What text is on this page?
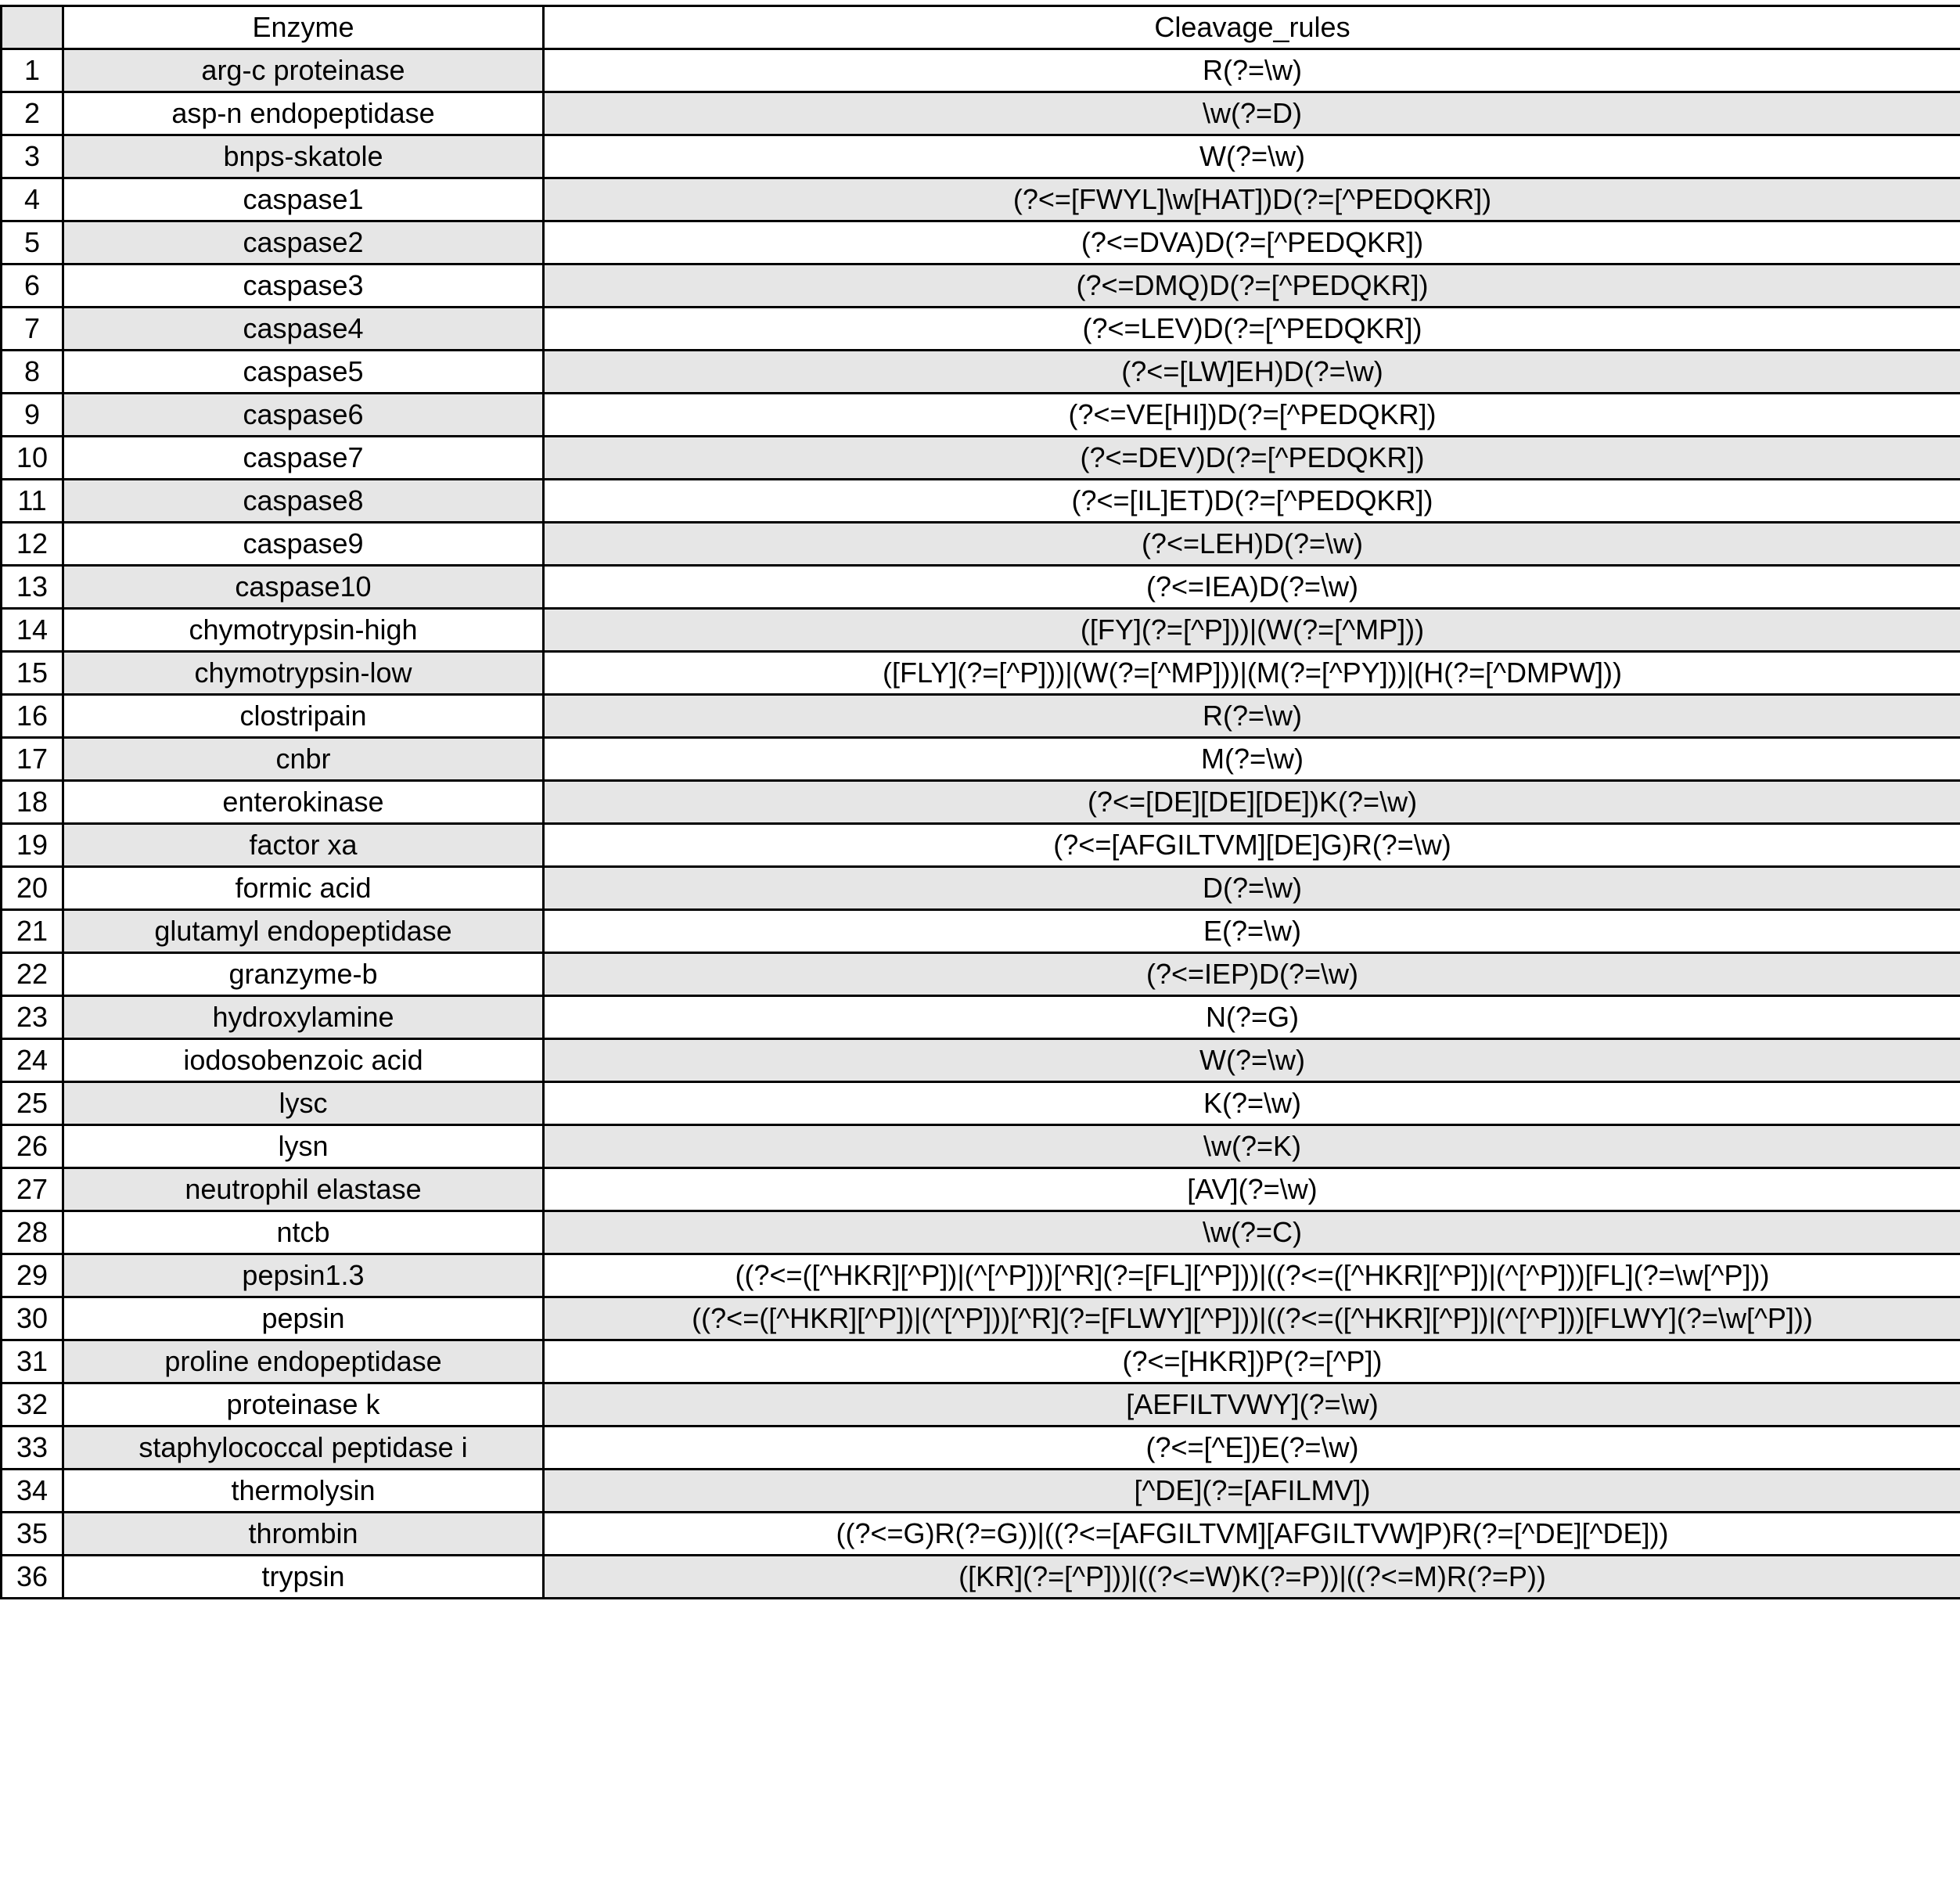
	Enzyme	Cleavage_rules
1	arg-c proteinase	R(?=\w)
2	asp-n endopeptidase	\w(?=D)
3	bnps-skatole	W(?=\w)
4	caspase1	(?<=[FWYL]\w[HAT])D(?=[^PEDQKR])
5	caspase2	(?<=DVA)D(?=[^PEDQKR])
6	caspase3	(?<=DMQ)D(?=[^PEDQKR])
7	caspase4	(?<=LEV)D(?=[^PEDQKR])
8	caspase5	(?<=[LW]EH)D(?=\w)
9	caspase6	(?<=VE[HI])D(?=[^PEDQKR])
10	caspase7	(?<=DEV)D(?=[^PEDQKR])
11	caspase8	(?<=[IL]ET)D(?=[^PEDQKR])
12	caspase9	(?<=LEH)D(?=\w)
13	caspase10	(?<=IEA)D(?=\w)
14	chymotrypsin-high	([FY](?=[^P]))|(W(?=[^MP]))
15	chymotrypsin-low	([FLY](?=[^P]))|(W(?=[^MP]))|(M(?=[^PY]))|(H(?=[^DMPW]))
16	clostripain	R(?=\w)
17	cnbr	M(?=\w)
18	enterokinase	(?<=[DE][DE][DE])K(?=\w)
19	factor xa	(?<=[AFGILTVM][DE]G)R(?=\w)
20	formic acid	D(?=\w)
21	glutamyl endopeptidase	E(?=\w)
22	granzyme-b	(?<=IEP)D(?=\w)
23	hydroxylamine	N(?=G)
24	iodosobenzoic acid	W(?=\w)
25	lysc	K(?=\w)
26	lysn	\w(?=K)
27	neutrophil elastase	[AV](?=\w)
28	ntcb	\w(?=C)
29	pepsin1.3	((?<=([^HKR][^P])|(^[^P]))[^R](?=[FL][^P]))|((?<=([^HKR][^P])|(^[^P]))[FL](?=\w[^P]))
30	pepsin	((?<=([^HKR][^P])|(^[^P]))[^R](?=[FLWY][^P]))|((?<=([^HKR][^P])|(^[^P]))[FLWY](?=\w[^P]))
31	proline endopeptidase	(?<=[HKR])P(?=[^P])
32	proteinase k	[AEFILTVWY](?=\w)
33	staphylococcal peptidase i	(?<=[^E])E(?=\w)
34	thermolysin	[^DE](?=[AFILMV])
35	thrombin	((?<=G)R(?=G))|((?<=[AFGILTVM][AFGILTVW]P)R(?=[^DE][^DE]))
36	trypsin	([KR](?=[^P]))|((?<=W)K(?=P))|((?<=M)R(?=P))
